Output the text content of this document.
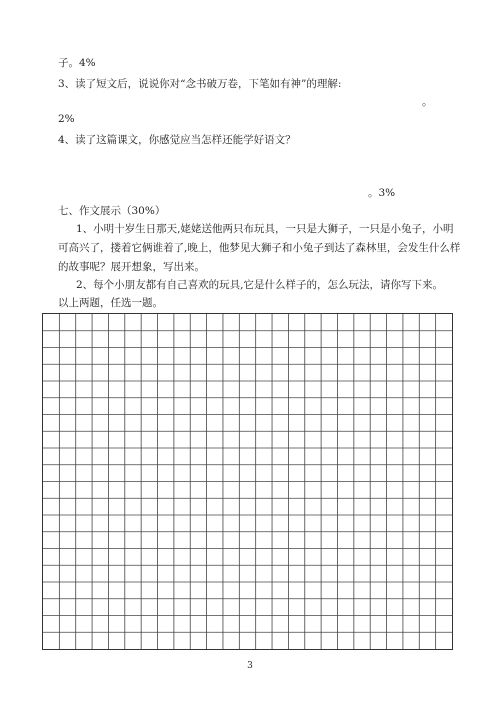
子。4%
3、读了短文后，说说你对“念书破万卷，下笔如有神”的理解:
。
2%
4、读了这篇课文，你感觉应当怎样还能学好语文？
。3%
七、作文展示（30%）
1、小明十岁生日那天,姥姥送他两只布玩具，一只是大狮子，一只是小兔子，小明
可高兴了，搂着它俩谁着了,晚上，他梦见大狮子和小兔子到达了森林里，会发生什么样
的故事呢？展开想象，写出来。
2、每个小朋友都有自己喜欢的玩具,它是什么样子的，怎么玩法，请你写下来。
以上两题，任选一题。
3
